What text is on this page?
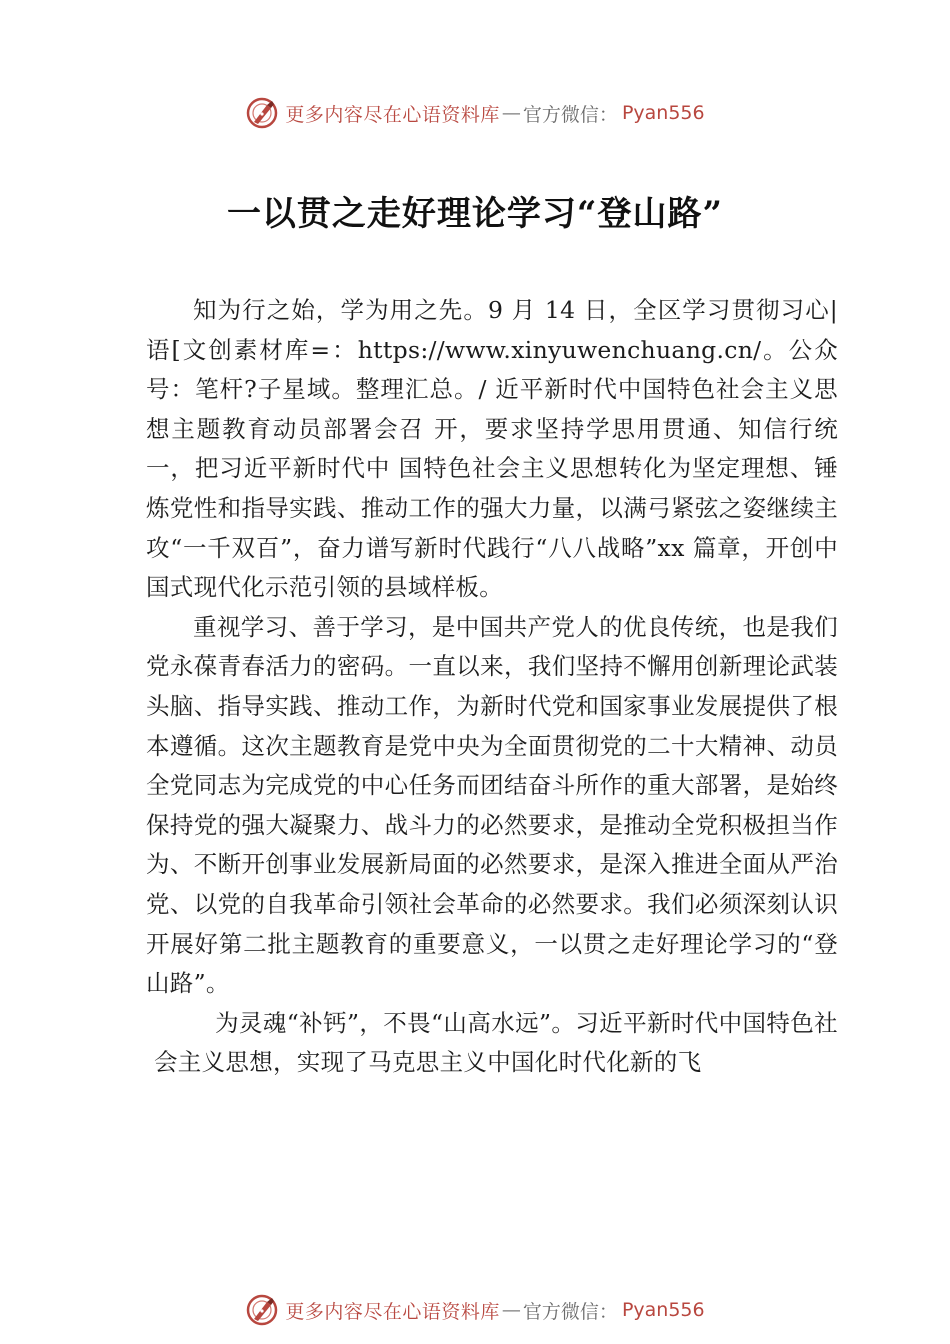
更多内容尽在心语资料库 — 官方微信： Pyan556
一以贯之走好理论学习“登山路”

知为行之始，学为用之先。9 月 14 日，全区学习贯彻习心|语[文创素材库=：https://www.xinyuwenchuang.cn/。公众号：笔杆?子星域。整理汇总。/ 近平新时代中国特色社会主义思想主题教育动员部署会召 开，要求坚持学思用贯通、知信行统一，把习近平新时代中 国特色社会主义思想转化为坚定理想、锤炼党性和指导实践、推动工作的强大力量，以满弓紧弦之姿继续主攻“一千双百”，奋力谱写新时代践行“八八战略”xx 篇章，开创中国式现代化示范引领的县域样板。

重视学习、善于学习，是中国共产党人的优良传统，也是我们党永葆青春活力的密码。一直以来，我们坚持不懈用创新理论武装头脑、指导实践、推动工作，为新时代党和国家事业发展提供了根本遵循。这次主题教育是党中央为全面贯彻党的二十大精神、动员全党同志为完成党的中心任务而团结奋斗所作的重大部署，是始终保持党的强大凝聚力、战斗力的必然要求，是推动全党积极担当作为、不断开创事业发展新局面的必然要求，是深入推进全面从严治党、以党的自我革命引领社会革命的必然要求。我们必须深刻认识开展好第二批主题教育的重要意义，一以贯之走好理论学习的“登山路”。

为灵魂“补钙”，不畏“山高水远”。习近平新时代中国特色社会主义思想，实现了马克思主义中国化时代化新的飞

更多内容尽在心语资料库 — 官方微信： Pyan556
